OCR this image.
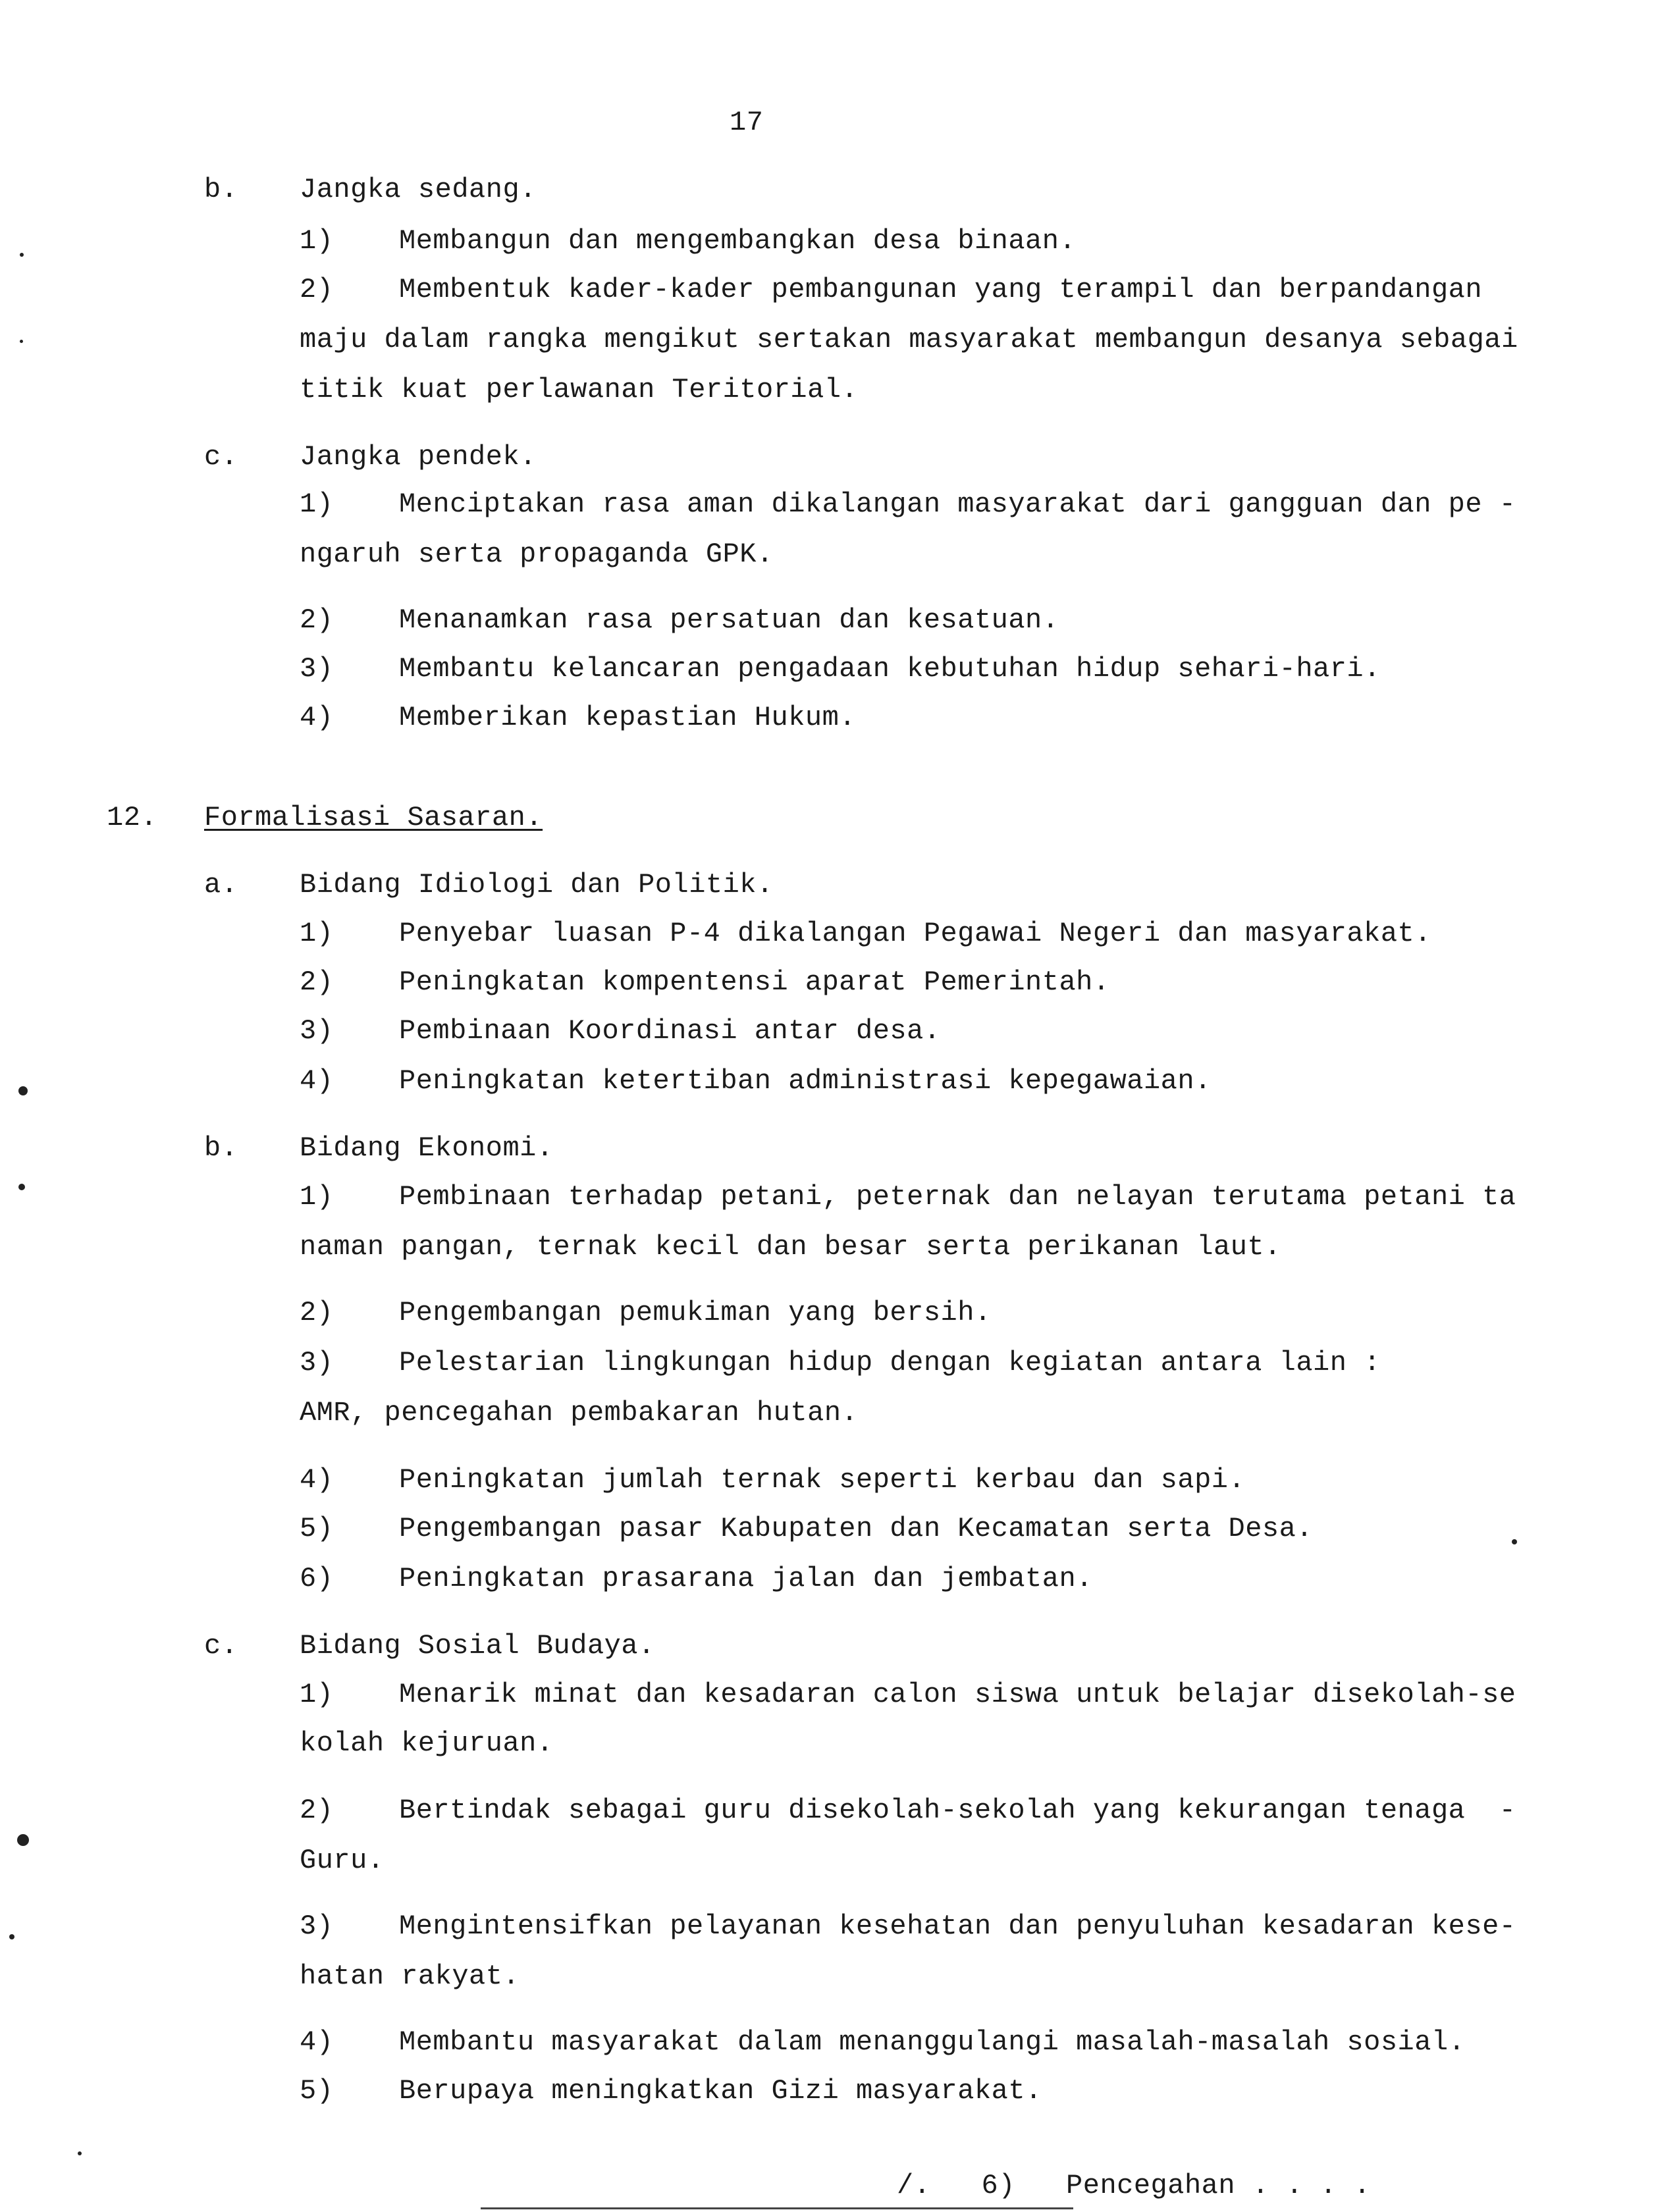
17
b. Jangka sedang.
1) Membangun dan mengembangkan desa binaan.
2) Membentuk kader-kader pembangunan yang terampil dan berpandangan
maju dalam rangka mengikut sertakan masyarakat membangun desanya sebagai
titik kuat perlawanan Teritorial.
c. Jangka pendek.
1) Menciptakan rasa aman dikalangan masyarakat dari gangguan dan pe -
ngaruh serta propaganda GPK.
2) Menanamkan rasa persatuan dan kesatuan.
3) Membantu kelancaran pengadaan kebutuhan hidup sehari-hari.
4) Memberikan kepastian Hukum.
12. Formalisasi Sasaran.
a. Bidang Idiologi dan Politik.
1) Penyebar luasan P-4 dikalangan Pegawai Negeri dan masyarakat.
2) Peningkatan kompentensi aparat Pemerintah.
3) Pembinaan Koordinasi antar desa.
4) Peningkatan ketertiban administrasi kepegawaian.
b. Bidang Ekonomi.
1) Pembinaan terhadap petani, peternak dan nelayan terutama petani ta
naman pangan, ternak kecil dan besar serta perikanan laut.
2) Pengembangan pemukiman yang bersih.
3) Pelestarian lingkungan hidup dengan kegiatan antara lain :
AMR, pencegahan pembakaran hutan.
4) Peningkatan jumlah ternak seperti kerbau dan sapi.
5) Pengembangan pasar Kabupaten dan Kecamatan serta Desa.
6) Peningkatan prasarana jalan dan jembatan.
c. Bidang Sosial Budaya.
1) Menarik minat dan kesadaran calon siswa untuk belajar disekolah-se
kolah kejuruan.
2) Bertindak sebagai guru disekolah-sekolah yang kekurangan tenaga  -
Guru.
3) Mengintensifkan pelayanan kesehatan dan penyuluhan kesadaran kese-
hatan rakyat.
4) Membantu masyarakat dalam menanggulangi masalah-masalah sosial.
5) Berupaya meningkatkan Gizi masyarakat.
/.   6)   Pencegahan . . . .
